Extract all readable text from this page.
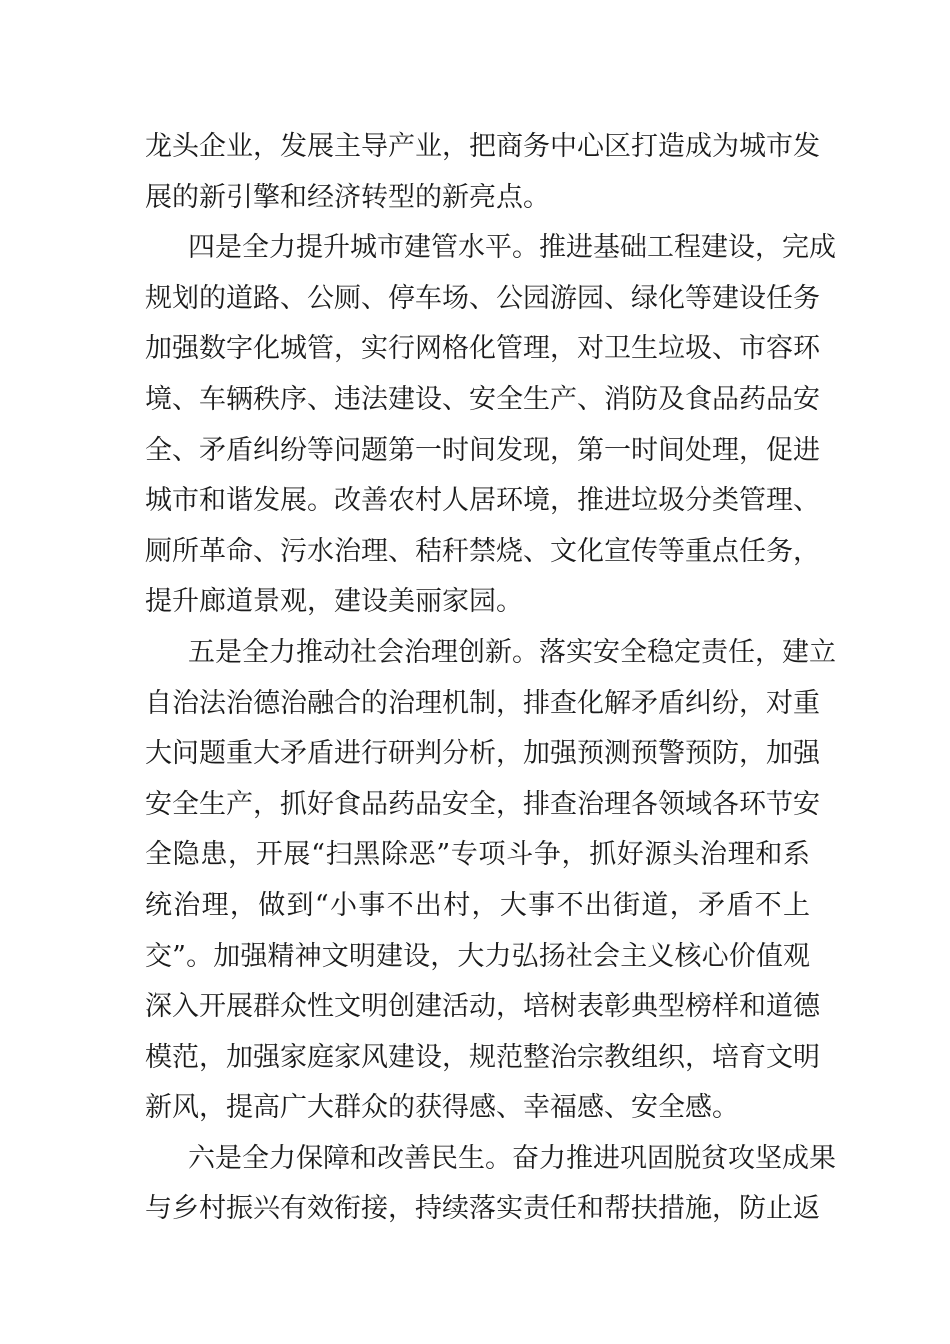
龙头企业，发展主导产业，把商务中心区打造成为城市发
展的新引擎和经济转型的新亮点。
四是全力提升城市建管水平。推进基础工程建设，完成
规划的道路、公厕、停车场、公园游园、绿化等建设任务
加强数字化城管，实行网格化管理，对卫生垃圾、市容环
境、车辆秩序、违法建设、安全生产、消防及食品药品安
全、矛盾纠纷等问题第一时间发现，第一时间处理，促进
城市和谐发展。改善农村人居环境，推进垃圾分类管理、
厕所革命、污水治理、秸秆禁烧、文化宣传等重点任务，
提升廊道景观，建设美丽家园。
五是全力推动社会治理创新。落实安全稳定责任，建立
自治法治德治融合的治理机制，排查化解矛盾纠纷，对重
大问题重大矛盾进行研判分析，加强预测预警预防，加强
安全生产，抓好食品药品安全，排查治理各领域各环节安
全隐患，开展“扫黑除恶”专项斗争，抓好源头治理和系
统治理，做到“小事不出村，大事不出街道，矛盾不上
交”。加强精神文明建设，大力弘扬社会主义核心价值观
深入开展群众性文明创建活动，培树表彰典型榜样和道德
模范，加强家庭家风建设，规范整治宗教组织，培育文明
新风，提高广大群众的获得感、幸福感、安全感。
六是全力保障和改善民生。奋力推进巩固脱贫攻坚成果
与乡村振兴有效衔接，持续落实责任和帮扶措施，防止返
